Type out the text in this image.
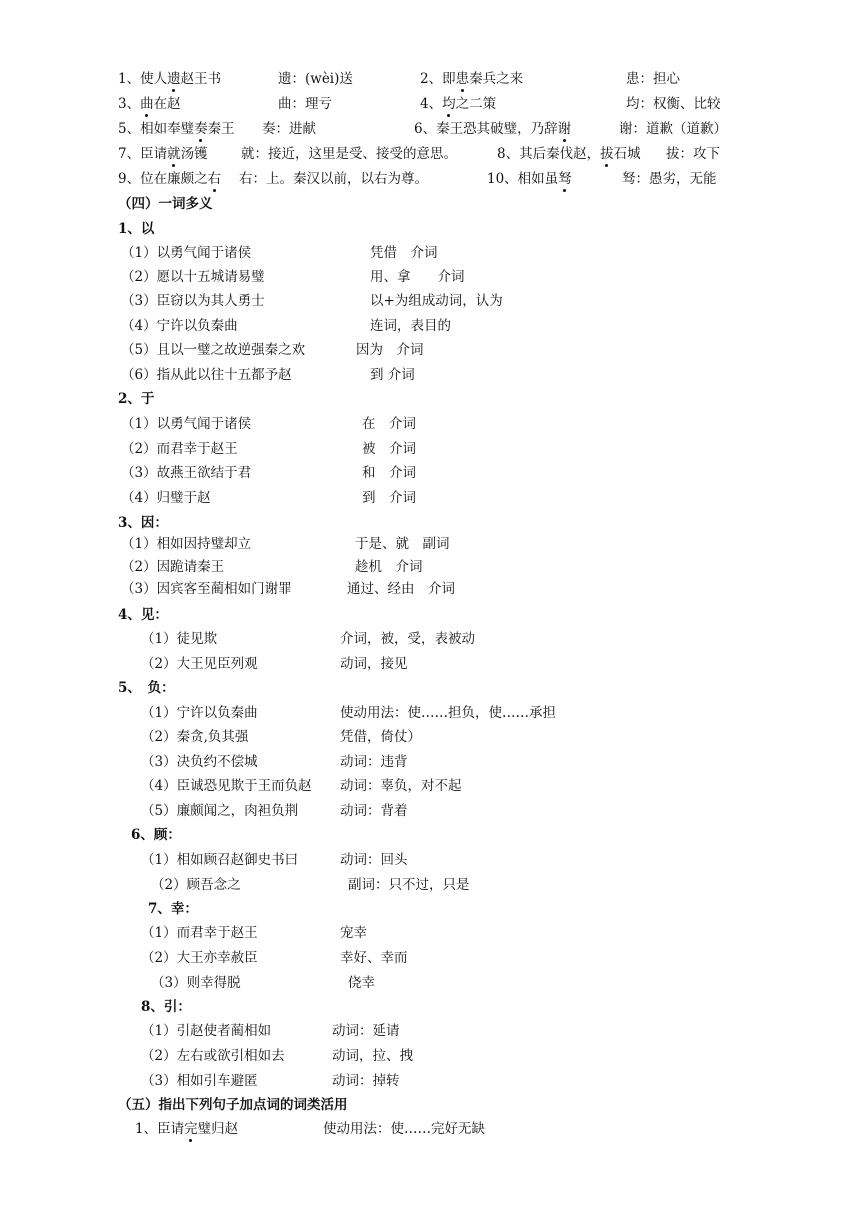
1、使人遗赵王书	遗：(wèi)送	2、即患秦兵之来	患：担心
3、曲在赵	曲：理亏	4、均之二策	均：权衡、比较
5、相如奉璧奏秦王 奏：进献	6、秦王恐其破璧，乃辞谢	谢：道歉（道歉）
7、臣请就汤镬 就：接近，这里是受、接受的意思。	8、其后秦伐赵，拔石城 拔：攻下
9、位在廉颇之右 右：上。秦汉以前，以右为尊。	10、相如虽驽	驽：愚劣，无能
（四）一词多义
1、以
（1）以勇气闻于诸侯	凭借　介词
（2）愿以十五城请易璧	用、拿　　介词
（3）臣窃以为其人勇士	以+为组成动词，认为
（4）宁许以负秦曲	连词，表目的
（5）且以一璧之故逆强秦之欢	因为　介词
（6）指从此以往十五都予赵	到 介词
2、于
（1）以勇气闻于诸侯	在　介词
（2）而君幸于赵王	被　介词
（3）故燕王欲结于君	和　介词
（4）归璧于赵	到　介词
3、因：
（1）相如因持璧却立	于是、就　副词
（2）因跪请秦王	趁机　介词
（3）因宾客至蔺相如门谢罪	通过、经由　介词
4、见：
（1）徒见欺	介词，被，受，表被动
（2）大王见臣列观	动词，接见
5、　负：
（1）宁许以负秦曲	使动用法：使……担负，使……承担
（2）秦贪,负其强	凭借，倚仗）
（3）决负约不偿城	动词：违背
（4）臣诚恐见欺于王而负赵 动词：辜负，对不起
（5）廉颇闻之，肉袒负荆	动词：背着
6、顾：
（1）相如顾召赵御史书曰	动词：回头
（2）顾吾念之	副词：只不过，只是
7、幸：
（1）而君幸于赵王	宠幸
（2）大王亦幸赦臣	幸好、幸而
（3）则幸得脱	侥幸
8、引：
（1）引赵使者蔺相如	动词：延请
（2）左右或欲引相如去	动词，拉、拽
（3）相如引车避匿	动词：掉转
（五）指出下列句子加点词的词类活用
1、臣请完璧归赵	使动用法：使……完好无缺
